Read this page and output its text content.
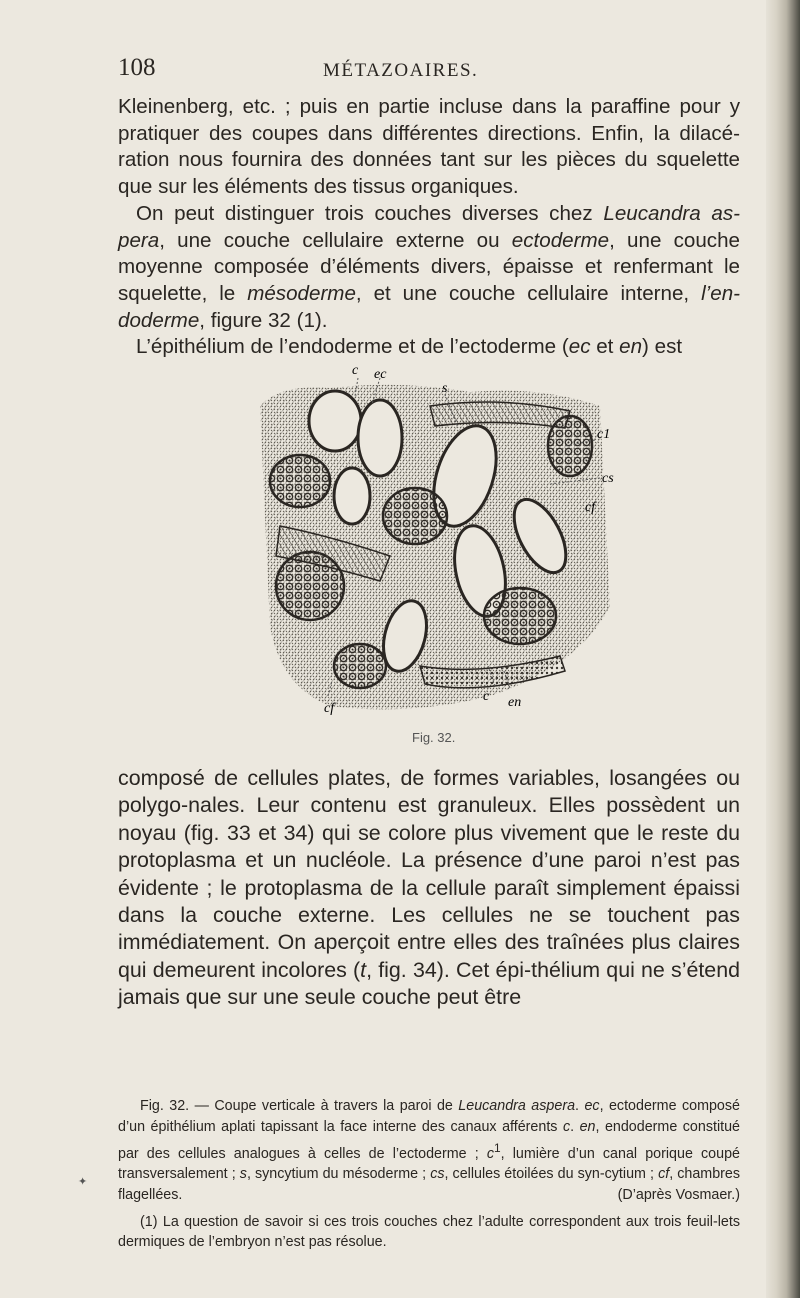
108	MÉTAZOAIRES.

Kleinenberg, etc. ; puis en partie incluse dans la paraffine pour y pratiquer des coupes dans différentes directions. Enfin, la dilacé- ration nous fournira des données tant sur les pièces du squelette que sur les éléments des tissus organiques.

On peut distinguer trois couches diverses chez Leucandra as- pera, une couche cellulaire externe ou ectoderme, une couche moyenne composée d’éléments divers, épaisse et renfermant le squelette, le mésoderme, et une couche cellulaire interne, l’en- doderme, figure 32 (1).

L’épithélium de l’endoderme et de l’ectoderme (ec et en) est

c ec
s
c1
cs
cf
cf
c en
Fig. 32.

composé de cellules plates, de formes variables, losangées ou polygo-nales. Leur contenu est granuleux. Elles possèdent un noyau (fig. 33 et 34) qui se colore plus vivement que le reste du protoplasma et un nucléole. La présence d’une paroi n’est pas évidente ; le protoplasma de la cellule paraît simplement épaissi dans la couche externe. Les cellules ne se touchent pas immédiatement. On aperçoit entre elles des traînées plus claires qui demeurent incolores (t, fig. 34). Cet épi-thélium qui ne s’étend jamais que sur une seule couche peut être

✦

Fig. 32. — Coupe verticale à travers la paroi de Leucandra aspera. ec, ectoderme composé d’un épithélium aplati tapissant la face interne des canaux afférents c. en, endoderme constitué par des cellules analogues à celles de l’ectoderme ; $c^1$, lumière d’un canal porique coupé transversalement ; s, syncytium du mésoderme ; cs, cellules étoilées du syn-cytium ; cf, chambres flagellées.	(D’après Vosmaer.)

(1) La question de savoir si ces trois couches chez l’adulte correspondent aux trois feuil-lets dermiques de l’embryon n’est pas résolue.
